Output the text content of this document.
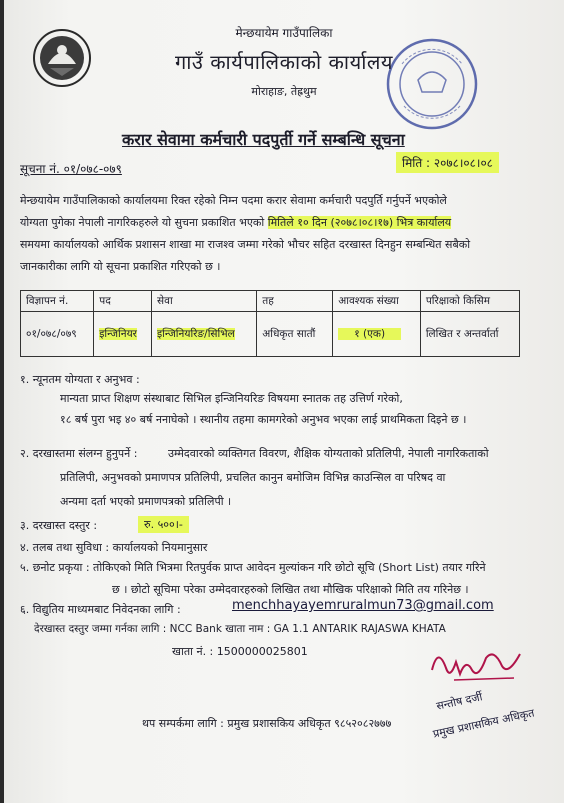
मेन्छयायेम गाउँपालिका
गाउँ कार्यपालिकाको कार्यालय
मोराहाङ, तेह्रथुम
करार सेवामा कर्मचारी पदपुर्ती गर्ने सम्बन्धि सूचना
सूचना नं. ०१/०७८-०७९	मिति : २०७८।०८।०८
मेन्छयायेम गाउँपालिकाको कार्यालयमा रिक्त रहेको निम्न पदमा करार सेवामा कर्मचारी पदपुर्ति गर्नुपर्ने भएकोले
योग्यता पुगेका नेपाली नागरिकहरुले यो सुचना प्रकाशित भएको मितिले १० दिन (२०७८।०८।१७) भित्र कार्यालय
समयमा कार्यालयको आर्थिक प्रशासन शाखा मा राजश्व जम्मा गरेको भौचर सहित दरखास्त दिनहुन सम्बन्धित सबैको
जानकारीका लागि यो सूचना प्रकाशित गरिएको छ ।
विज्ञापन नं.	पद	सेवा	तह	आवश्यक संख्या	परिक्षाको किसिम
०१/०७८/०७९	इन्जिनियर	इन्जिनियरिङ/सिभिल	अधिकृत सातौं	१ (एक)	लिखित र अन्तर्वार्ता
१. न्यूनतम योग्यता र अनुभव :
मान्यता प्राप्त शिक्षण संस्थाबाट सिभिल इन्जिनियरिङ विषयमा स्नातक तह उत्तिर्ण गरेको,
१८ बर्ष पुरा भइ ४० बर्ष ननाघेको । स्थानीय तहमा कामगरेको अनुभव भएका लाई प्राथमिकता दिइने छ ।
२. दरखास्तमा संलग्न हुनुपर्ने :	उम्मेदवारको व्यक्तिगत विवरण, शैक्षिक योग्यताको प्रतिलिपी, नेपाली नागरिकताको
प्रतिलिपी, अनुभवको प्रमाणपत्र प्रतिलिपी, प्रचलित कानुन बमोजिम विभिन्न काउन्सिल वा परिषद वा
अन्यमा दर्ता भएको प्रमाणपत्रको प्रतिलिपी ।
३. दरखास्त दस्तुर :	रु. ५००।-
४. तलब तथा सुविधा : कार्यालयको नियमानुसार
५. छनोट प्रकृया : तोकिएको मिति भित्रमा रितपुर्वक प्राप्त आवेदन मुल्यांकन गरि छोटो सूचि (Short List) तयार गरिने
छ । छोटो सूचिमा परेका उम्मेदवारहरुको लिखित तथा मौखिक परिक्षाको मिति तय गरिनेछ ।
६. विद्युतिय माध्यमबाट निवेदनका लागि :	menchhayayemruralmun73@gmail.com
देरखास्त दस्तुर जम्मा गर्नका लागि : NCC Bank खाता नाम : GA 1.1 ANTARIK RAJASWA KHATA
खाता नं. : 1500000025801
सन्तोष दर्जी
प्रमुख प्रशासकिय अधिकृत
थप सम्पर्कमा लागि : प्रमुख प्रशासकिय अधिकृत ९८५२०८२७७७
